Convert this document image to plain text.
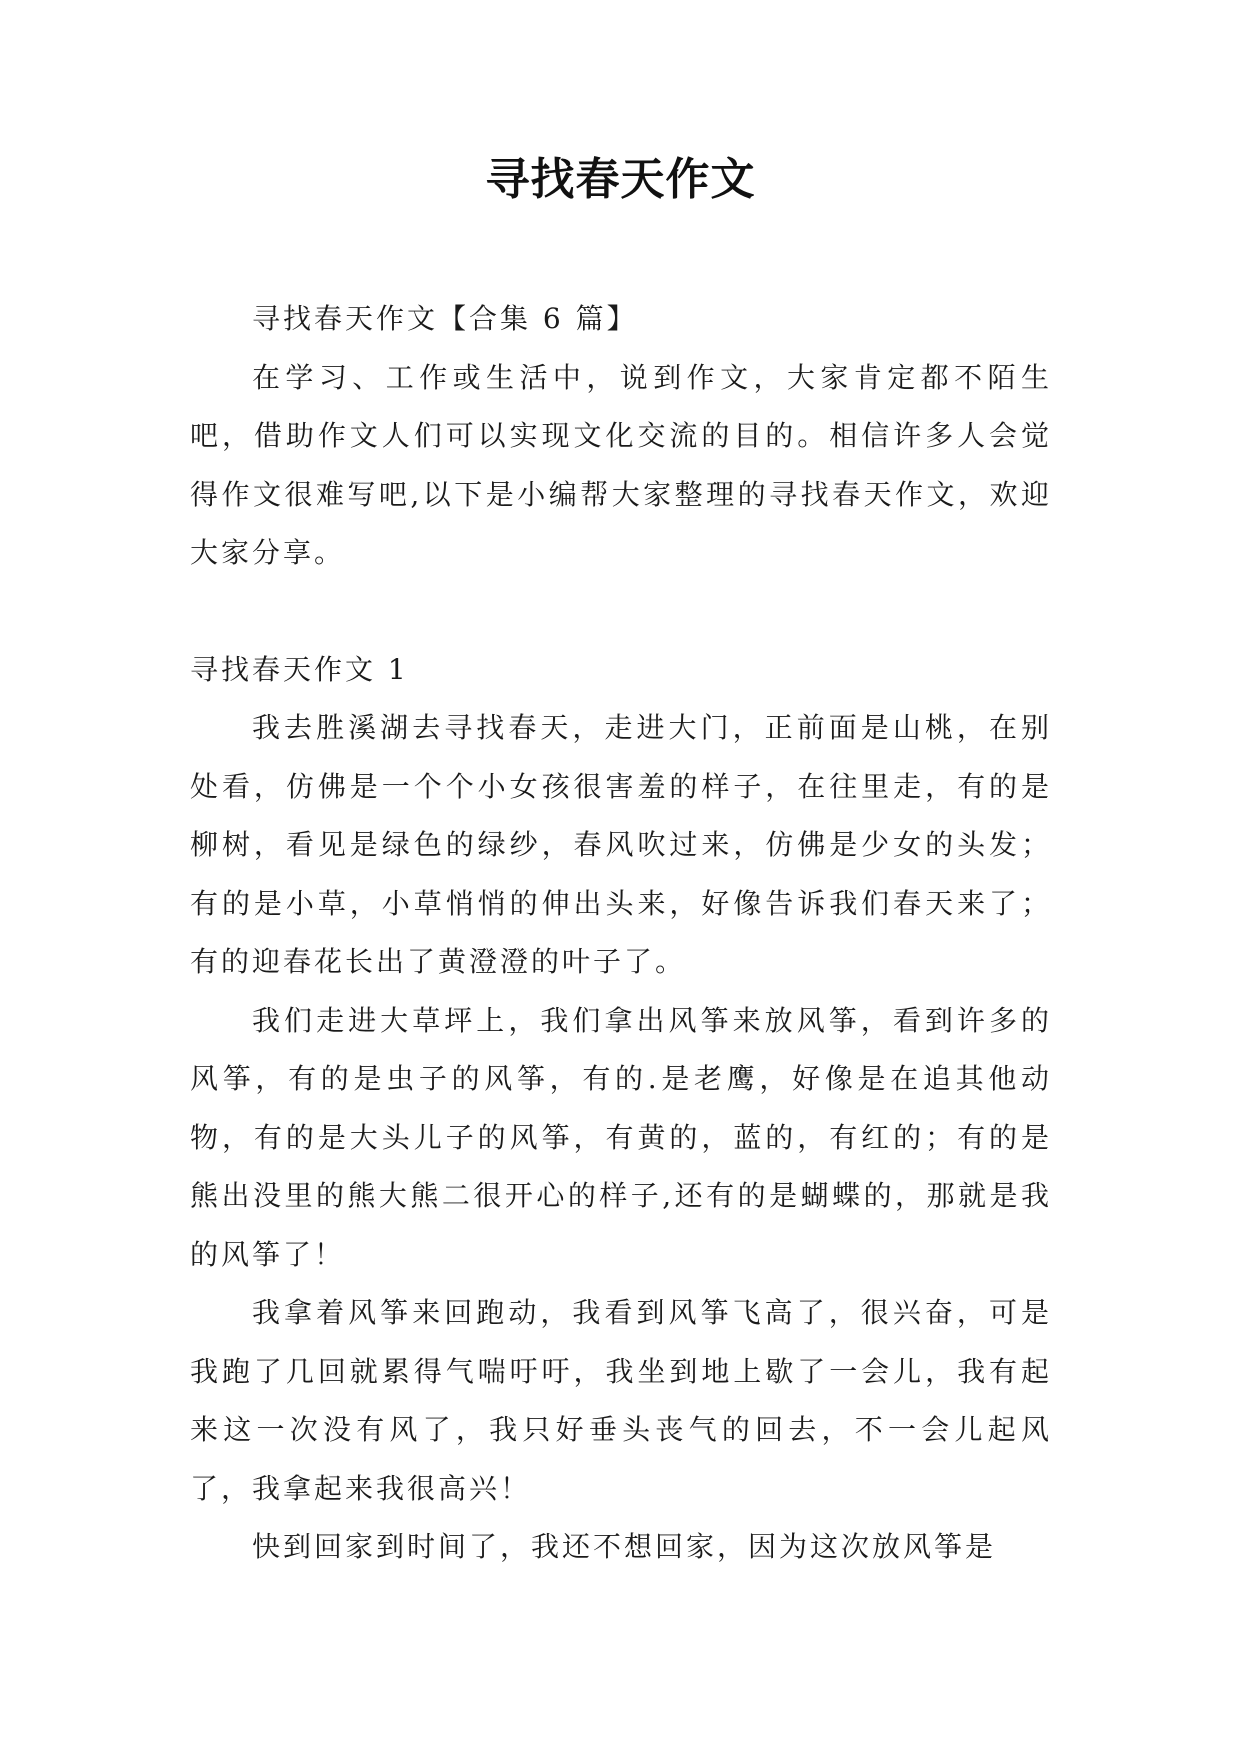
寻找春天作文

寻找春天作文【合集 6 篇】

在学习、工作或生活中，说到作文，大家肯定都不陌生吧，借助作文人们可以实现文化交流的目的。相信许多人会觉得作文很难写吧,以下是小编帮大家整理的寻找春天作文，欢迎大家分享。

寻找春天作文 1

我去胜溪湖去寻找春天，走进大门，正前面是山桃，在别处看，仿佛是一个个小女孩很害羞的样子，在往里走，有的是柳树，看见是绿色的绿纱，春风吹过来，仿佛是少女的头发；有的是小草，小草悄悄的伸出头来，好像告诉我们春天来了；有的迎春花长出了黄澄澄的叶子了。

我们走进大草坪上，我们拿出风筝来放风筝，看到许多的风筝，有的是虫子的风筝，有的.是老鹰，好像是在追其他动物，有的是大头儿子的风筝，有黄的，蓝的，有红的；有的是熊出没里的熊大熊二很开心的样子,还有的是蝴蝶的，那就是我的风筝了！

我拿着风筝来回跑动，我看到风筝飞高了，很兴奋，可是我跑了几回就累得气喘吁吁，我坐到地上歇了一会儿，我有起来这一次没有风了，我只好垂头丧气的回去，不一会儿起风了，我拿起来我很高兴！

快到回家到时间了，我还不想回家，因为这次放风筝是
